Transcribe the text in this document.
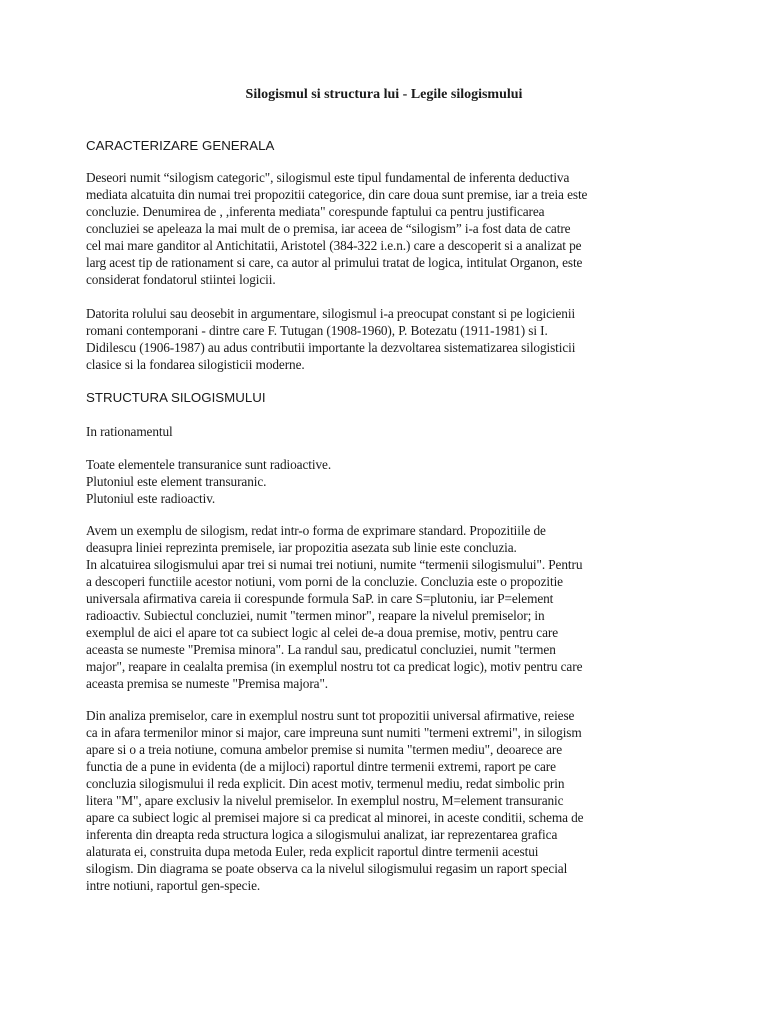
Silogismul si structura lui - Legile silogismului

CARACTERIZARE GENERALA

Deseori numit “silogism categoric", silogismul este tipul fundamental de inferenta deductiva
mediata alcatuita din numai trei propozitii categorice, din care doua sunt premise, iar a treia este
concluzie. Denumirea de , ,inferenta mediata" corespunde faptului ca pentru justificarea
concluziei se apeleaza la mai mult de o premisa, iar aceea de “silogism” i-a fost data de catre
cel mai mare ganditor al Antichitatii, Aristotel (384-322 i.e.n.) care a descoperit si a analizat pe
larg acest tip de rationament si care, ca autor al primului tratat de logica, intitulat Organon, este
considerat fondatorul stiintei logicii.

Datorita rolului sau deosebit in argumentare, silogismul i-a preocupat constant si pe logicienii
romani contemporani - dintre care F. Tutugan (1908-1960), P. Botezatu (1911-1981) si I.
Didilescu (1906-1987) au adus contributii importante la dezvoltarea sistematizarea silogisticii
clasice si la fondarea silogisticii moderne.

STRUCTURA SILOGISMULUI

In rationamentul

Toate elementele transuranice sunt radioactive.
Plutoniul este element transuranic.
Plutoniul este radioactiv.

Avem un exemplu de silogism, redat intr-o forma de exprimare standard. Propozitiile de
deasupra liniei reprezinta premisele, iar propozitia asezata sub linie este concluzia.
In alcatuirea silogismului apar trei si numai trei notiuni, numite “termenii silogismului". Pentru
a descoperi functiile acestor notiuni, vom porni de la concluzie. Concluzia este o propozitie
universala afirmativa careia ii corespunde formula SaP. in care S=plutoniu, iar P=element
radioactiv. Subiectul concluziei, numit "termen minor", reapare la nivelul premiselor; in
exemplul de aici el apare tot ca subiect logic al celei de-a doua premise, motiv, pentru care
aceasta se numeste "Premisa minora". La randul sau, predicatul concluziei, numit "termen
major", reapare in cealalta premisa (in exemplul nostru tot ca predicat logic), motiv pentru care
aceasta premisa se numeste "Premisa majora".

Din analiza premiselor, care in exemplul nostru sunt tot propozitii universal afirmative, reiese
ca in afara termenilor minor si major, care impreuna sunt numiti "termeni extremi", in silogism
apare si o a treia notiune, comuna ambelor premise si numita "termen mediu", deoarece are
functia de a pune in evidenta (de a mijloci) raportul dintre termenii extremi, raport pe care
concluzia silogismului il reda explicit. Din acest motiv, termenul mediu, redat simbolic prin
litera "M", apare exclusiv la nivelul premiselor. In exemplul nostru, M=element transuranic
apare ca subiect logic al premisei majore si ca predicat al minorei, in aceste conditii, schema de
inferenta din dreapta reda structura logica a silogismului analizat, iar reprezentarea grafica
alaturata ei, construita dupa metoda Euler, reda explicit raportul dintre termenii acestui
silogism. Din diagrama se poate observa ca la nivelul silogismului regasim un raport special
intre notiuni, raportul gen-specie.
